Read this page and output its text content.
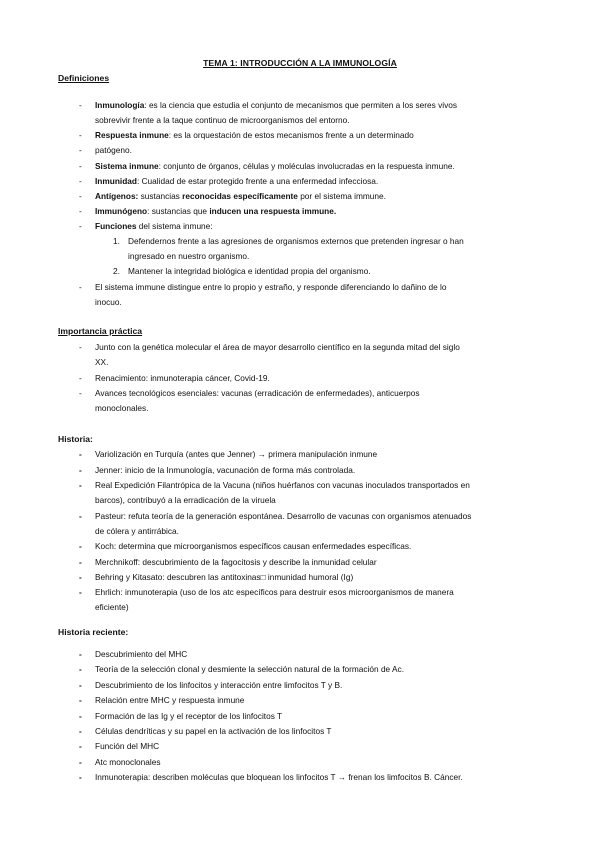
TEMA 1: INTRODUCCIÓN A LA IMMUNOLOGÍA
Definiciones
- Inmunología: es la ciencia que estudia el conjunto de mecanismos que permiten a los seres vivos
sobrevivir frente a la taque continuo de microorganismos del entorno.
- Respuesta inmune: es la orquestación de estos mecanismos frente a un determinado
- patógeno.
- Sistema inmune: conjunto de órganos, células y moléculas involucradas en la respuesta inmune.
- Inmunidad: Cualidad de estar protegido frente a una enfermedad infecciosa.
- Antígenos: sustancias reconocidas específicamente por el sistema immune.
- Immunógeno: sustancias que inducen una respuesta immune.
- Funciones del sistema inmune:
1. Defendernos frente a las agresiones de organismos externos que pretenden ingresar o han
ingresado en nuestro organismo.
2. Mantener la integridad biológica e identidad propia del organismo.
- El sistema immune distingue entre lo propio y estraño, y responde diferenciando lo dañino de lo
inocuo.
Importancia práctica
- Junto con la genética molecular el área de mayor desarrollo científico en la segunda mitad del siglo
XX.
- Renacimiento: inmunoterapia cáncer, Covid-19.
- Avances tecnológicos esenciales: vacunas (erradicación de enfermedades), anticuerpos
monoclonales.
Historia:
- Variolización en Turquía (antes que Jenner) → primera manipulación inmune
- Jenner: inicio de la Inmunología, vacunación de forma más controlada.
- Real Expedición Filantrópica de la Vacuna (niños huérfanos con vacunas inoculados transportados en
barcos), contribuyó a la erradicación de la viruela
- Pasteur: refuta teoría de la generación espontánea. Desarrollo de vacunas con organismos atenuados
de cólera y antirrábica.
- Koch: determina que microorganismos específicos causan enfermedades específicas.
- Merchnikoff: descubrimiento de la fagocitosis y describe la inmunidad celular
- Behring y Kitasato: descubren las antitoxinas□ inmunidad humoral (Ig)
- Ehrlich: inmunoterapia (uso de los atc específicos para destruir esos microorganismos de manera
eficiente)
Historia reciente:
- Descubrimiento del MHC
- Teoría de la selección clonal y desmiente la selección natural de la formación de Ac.
- Descubrimiento de los linfocitos y interacción entre limfocitos T y B.
- Relación entre MHC y respuesta inmune
- Formación de las Ig y el receptor de los linfocitos T
- Células dendríticas y su papel en la activación de los linfocitos T
- Función del MHC
- Atc monoclonales
- Inmunoterapia: describen moléculas que bloquean los linfocitos T → frenan los limfocitos B. Cáncer.
